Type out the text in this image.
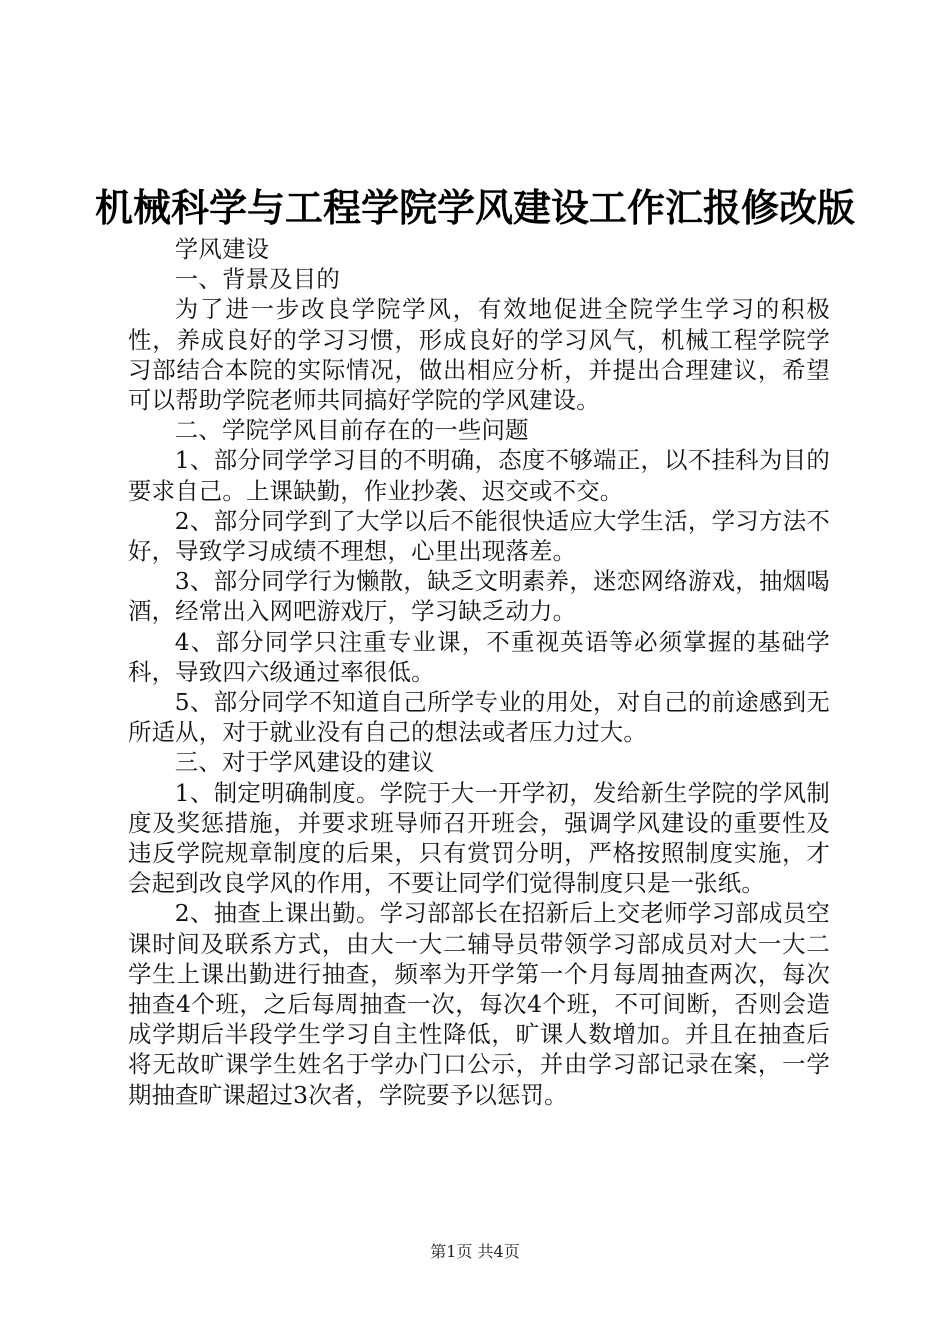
机械科学与工程学院学风建设工作汇报修改版

学风建设

一、背景及目的

为了进一步改良学院学风，有效地促进全院学生学习的积极性，养成良好的学习习惯，形成良好的学习风气，机械工程学院学习部结合本院的实际情况，做出相应分析，并提出合理建议，希望可以帮助学院老师共同搞好学院的学风建设。

二、学院学风目前存在的一些问题

1、部分同学学习目的不明确，态度不够端正，以不挂科为目的要求自己。上课缺勤，作业抄袭、迟交或不交。

2、部分同学到了大学以后不能很快适应大学生活，学习方法不好，导致学习成绩不理想，心里出现落差。

3、部分同学行为懒散，缺乏文明素养，迷恋网络游戏，抽烟喝酒，经常出入网吧游戏厅，学习缺乏动力。

4、部分同学只注重专业课，不重视英语等必须掌握的基础学科，导致四六级通过率很低。

5、部分同学不知道自己所学专业的用处，对自己的前途感到无所适从，对于就业没有自己的想法或者压力过大。

三、对于学风建设的建议

1、制定明确制度。学院于大一开学初，发给新生学院的学风制度及奖惩措施，并要求班导师召开班会，强调学风建设的重要性及违反学院规章制度的后果，只有赏罚分明，严格按照制度实施，才会起到改良学风的作用，不要让同学们觉得制度只是一张纸。

2、抽查上课出勤。学习部部长在招新后上交老师学习部成员空课时间及联系方式，由大一大二辅导员带领学习部成员对大一大二学生上课出勤进行抽查，频率为开学第一个月每周抽查两次，每次抽查4个班，之后每周抽查一次，每次4个班，不可间断，否则会造成学期后半段学生学习自主性降低，旷课人数增加。并且在抽查后将无故旷课学生姓名于学办门口公示，并由学习部记录在案，一学期抽查旷课超过3次者，学院要予以惩罚。

第1页 共4页
